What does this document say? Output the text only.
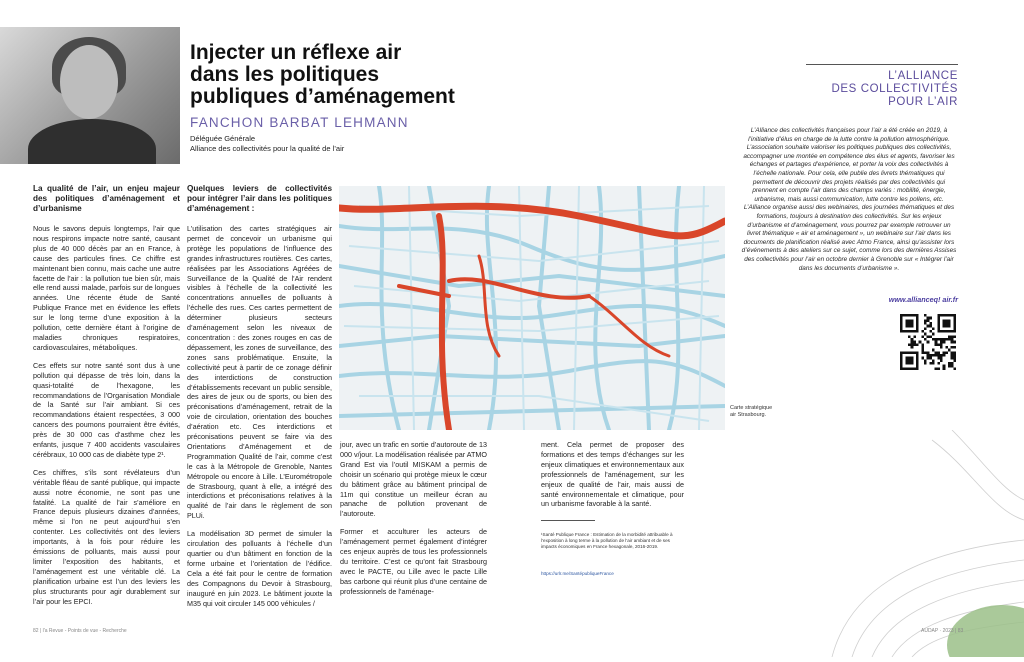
Injecter un réflexe air
dans les politiques
publiques d’aménagement
FANCHON BARBAT LEHMANN
Déléguée Générale
Alliance des collectivités pour la qualité de l’air
La qualité de l’air, un enjeu majeur des politiques d’aménagement et d’urbanisme

Nous le savons depuis longtemps, l’air que nous respirons impacte notre santé, causant plus de 40 000 décès par an en France, à cause des particules fines. Ce chiffre est maintenant bien connu, mais cache une autre facette de l’air : la pollution tue bien sûr, mais elle rend aussi malade, parfois sur de longues années. Une récente étude de Santé Publique France met en évidence les effets sur le long terme d’une exposition à la pollution, cette dernière étant à l’origine de maladies chroniques respiratoires, cardiovasculaires, métaboliques.

Ces effets sur notre santé sont dus à une pollution qui dépasse de très loin, dans la quasi-totalité de l’hexagone, les recommandations de l’Organisation Mondiale de la Santé sur l’air ambiant. Si ces recommandations étaient respectées, 3 000 cancers des poumons pourraient être évités, près de 30 000 cas d’asthme chez les enfants, jusque 7 400 accidents vasculaires cérébraux, 10 000 cas de diabète type 2¹.

Ces chiffres, s’ils sont révélateurs d’un véritable fléau de santé publique, qui impacte aussi notre économie, ne sont pas une fatalité. La qualité de l’air s’améliore en France depuis plusieurs dizaines d’années, même si l’on ne peut aujourd’hui s’en contenter. Les collectivités ont des leviers importants, à la fois pour réduire les émissions de polluants, mais aussi pour limiter l’exposition des habitants, et l’aménagement est une véritable clé. La planification urbaine est l’un des leviers les plus structurants pour agir durablement sur l’air pour les EPCI.

Quelques leviers de collectivités pour intégrer l’air dans les politiques d’aménagement :

L’utilisation des cartes stratégiques air permet de concevoir un urbanisme qui protège les populations de l’influence des grandes infrastructures routières. Ces cartes, réalisées par les Associations Agréées de Surveillance de la Qualité de l’Air rendent visibles à l’échelle de la collectivité les concentrations annuelles de polluants à l’échelle des rues. Ces cartes permettent de déterminer plusieurs secteurs d’aménagement selon les niveaux de concentration : des zones rouges en cas de dépassement, les zones de surveillance, des zones sans problématique. Ensuite, la collectivité peut à partir de ce zonage définir des interdictions de construction d’établissements recevant un public sensible, des aires de jeux ou de sports, ou bien des préconisations d’aménagement, retrait de la voie de circulation, orientation des bouches d’aération etc. Ces interdictions et préconisations peuvent se faire via des Orientations d’Aménagement et de Programmation Qualité de l’air, comme c’est le cas à la Métropole de Grenoble, Nantes Métropole ou encore à Lille. L’Eurométropole de Strasbourg, quant à elle, a intégré des interdictions et préconisations relatives à la qualité de l’air dans le règlement de son PLUi.

La modélisation 3D permet de simuler la circulation des polluants à l’échelle d’un quartier ou d’un bâtiment en fonction de la forme urbaine et l’orientation de l’édifice. Cela a été fait pour le centre de formation des Compagnons du Devoir à Strasbourg, inauguré en juin 2023. Le bâtiment jouxte la M35 qui voit circuler 145 000 véhicules /

Carte stratégique
air Strasbourg.

jour, avec un trafic en sortie d’autoroute de 13 000 v/jour. La modélisation réalisée par ATMO Grand Est via l’outil MISKAM a permis de choisir un scénario qui protège mieux le cœur du bâtiment grâce au bâtiment principal de 11m qui constitue un meilleur écran au panache de pollution provenant de l’autoroute.

Former et acculturer les acteurs de l’aménagement permet également d’intégrer ces enjeux auprès de tous les professionnels du territoire. C’est ce qu’ont fait Strasbourg avec le PACTE, ou Lille avec le pacte Lille bas carbone qui réunit plus d’une centaine de professionnels de l’aménage-

ment. Cela permet de proposer des formations et des temps d’échanges sur les enjeux climatiques et environnementaux aux professionnels de l’aménagement, sur les enjeux de qualité de l’air, mais aussi de santé environnementale et climatique, pour un urbanisme favorable à la santé.

¹Santé Publique France : Estimation de la morbidité attribuable à l’exposition à long terme à la pollution de l’air ambiant et de ses impacts économiques en France hexagonale, 2016-2019.
https://urlr.me/SantépubliqueFrance
L’ALLIANCE
DES COLLECTIVITÉS
POUR L’AIR
L’Alliance des collectivités françaises pour l’air a été créée en 2019, à l’initiative d’élus en charge de la lutte contre la pollution atmosphérique. L’association souhaite valoriser les politiques publiques des collectivités, accompagner une montée en compétence des élus et agents, favoriser les échanges et partages d’expérience, et porter la voix des collectivités à l’échelle nationale. Pour cela, elle publie des livrets thématiques qui permettent de découvrir des projets réalisés par des collectivités qui prennent en compte l’air dans des champs variés : mobilité, énergie, urbanisme, mais aussi communication, lutte contre les pollens, etc. L’Alliance organise aussi des webinaires, des journées thématiques et des formations, toujours à destination des collectivités. Sur les enjeux d’urbanisme et d’aménagement, vous pourrez par exemple retrouver un livret thématique « air et aménagement », un webinaire sur l’air dans les documents de planification réalisé avec Atmo France, ainsi qu’assister lors d’événements à des ateliers sur ce sujet, comme lors des dernières Assises des collectivités pour l’air en octobre dernier à Grenoble sur « Intégrer l’air dans les documents d’urbanisme ».
www.allianceq! air.fr
82 | l'a Revue - Points de vue - Recherche	AUDAP · 2023 | 83
